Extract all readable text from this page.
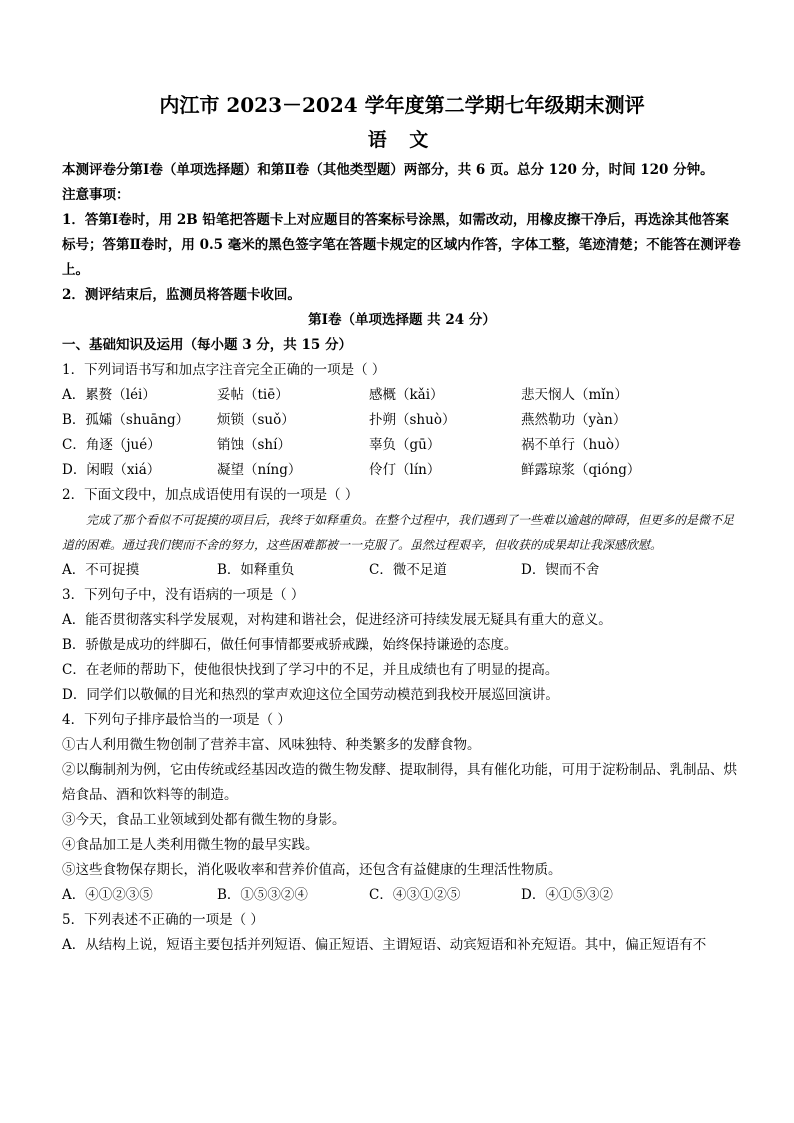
内江市 2023－2024 学年度第二学期七年级期末测评
语 文
本测评卷分第Ⅰ卷（单项选择题）和第Ⅱ卷（其他类型题）两部分，共 6 页。总分 120 分，时间 120 分钟。
注意事项：
1．答第Ⅰ卷时，用 2B 铅笔把答题卡上对应题目的答案标号涂黑，如需改动，用橡皮擦干净后，再选涂其他答案标号；答第Ⅱ卷时，用 0.5 毫米的黑色签字笔在答题卡规定的区域内作答，字体工整，笔迹清楚；不能答在测评卷上。
2．测评结束后，监测员将答题卡收回。
第Ⅰ卷（单项选择题 共 24 分）
一、基础知识及运用（每小题 3 分，共 15 分）
1．下列词语书写和加点字注音完全正确的一项是（ ）
A．累赘（léi）	妥帖（tiē）	感概（kǎi）	悲天悯人（mǐn）
B．孤孀（shuāng）	烦锁（suǒ）	扑朔（shuò）	燕然勒功（yàn）
C．角逐（jué）	销蚀（shí）	辜负（gū）	祸不单行（huò）
D．闲暇（xiá）	凝望（níng）	伶仃（lín）	鲜露琼浆（qióng）
2．下面文段中，加点成语使用有误的一项是（ ）
完成了那个看似不可捉摸的项目后，我终于如释重负。在整个过程中，我们遇到了一些难以逾越的障碍，但更多的是微不足道的困难。通过我们锲而不舍的努力，这些困难都被一一克服了。虽然过程艰辛，但收获的成果却让我深感欣慰。
A．不可捉摸	B．如释重负	C．微不足道	D．锲而不舍
3．下列句子中，没有语病的一项是（ ）
A．能否贯彻落实科学发展观，对构建和谐社会，促进经济可持续发展无疑具有重大的意义。
B．骄傲是成功的绊脚石，做任何事情都要戒骄戒躁，始终保持谦逊的态度。
C．在老师的帮助下，使他很快找到了学习中的不足，并且成绩也有了明显的提高。
D．同学们以敬佩的目光和热烈的掌声欢迎这位全国劳动模范到我校开展巡回演讲。
4．下列句子排序最恰当的一项是（ ）
①古人利用微生物创制了营养丰富、风味独特、种类繁多的发酵食物。
②以酶制剂为例，它由传统或经基因改造的微生物发酵、提取制得，具有催化功能，可用于淀粉制品、乳制品、烘焙食品、酒和饮料等的制造。
③今天，食品工业领域到处都有微生物的身影。
④食品加工是人类利用微生物的最早实践。
⑤这些食物保存期长，消化吸收率和营养价值高，还包含有益健康的生理活性物质。
A．④①②③⑤	B．①⑤③②④	C．④③①②⑤	D．④①⑤③②
5．下列表述不正确的一项是（ ）
A．从结构上说，短语主要包括并列短语、偏正短语、主谓短语、动宾短语和补充短语。其中，偏正短语有不
